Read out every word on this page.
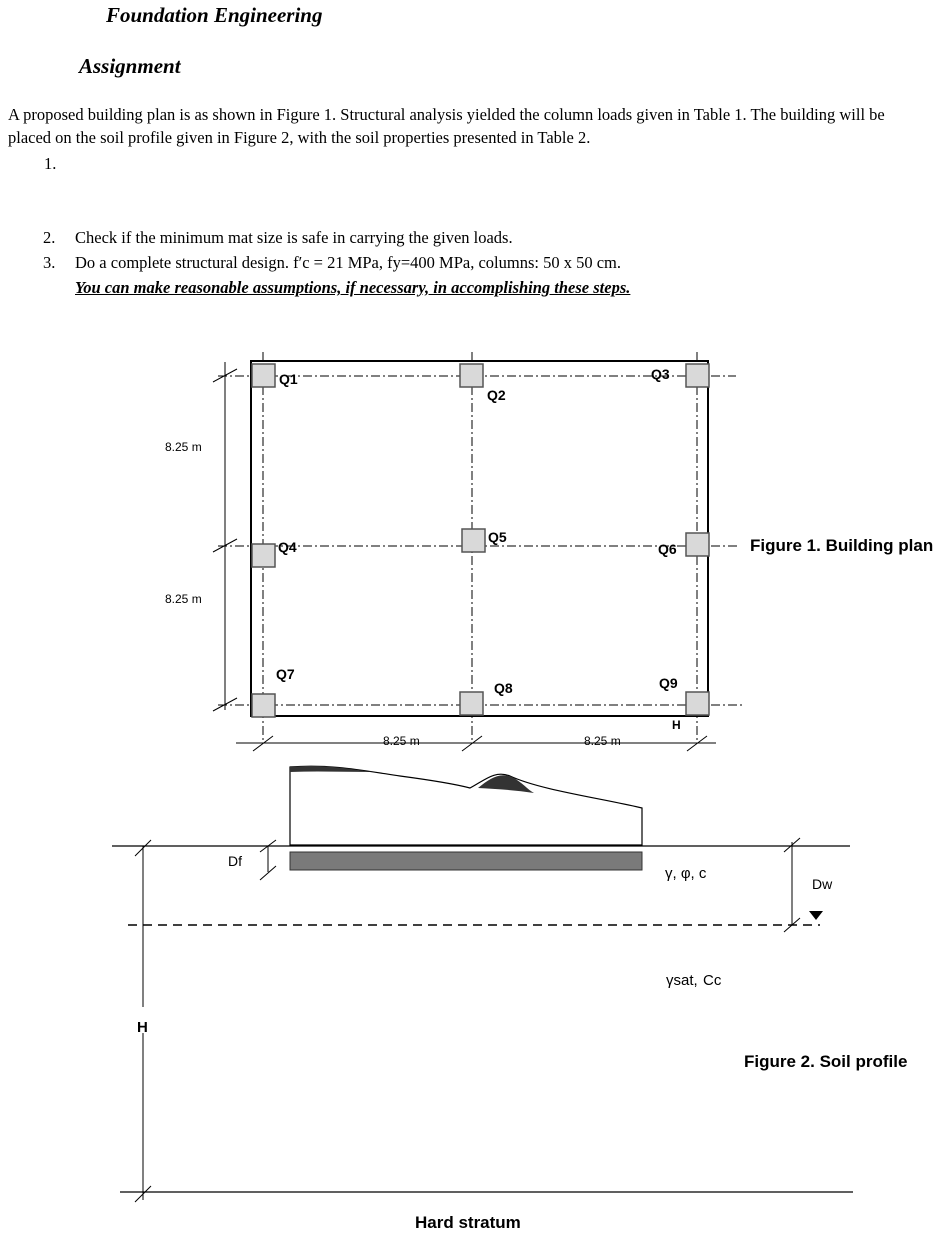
Foundation Engineering
Assignment
A proposed building plan is as shown in Figure 1. Structural analysis yielded the column loads given in Table 1. The building will be placed on the soil profile given in Figure 2, with the soil properties presented in Table 2.
1.
2. Check if the minimum mat size is safe in carrying the given loads.
3. Do a complete structural design. f′c = 21 MPa, fy=400 MPa, columns: 50 x 50 cm.
You can make reasonable assumptions, if necessary, in accomplishing these steps.
Q1
Q2
Q3
Q4
Q5
Q6
Q7
Q8	Q9
H
8.25 m
8.25 m
8.25 m	8.25 m
Df
Dw
γ, φ, c
γsat, Cc
H
Hard stratum
Figure 1. Building plan
Figure 2. Soil profile
